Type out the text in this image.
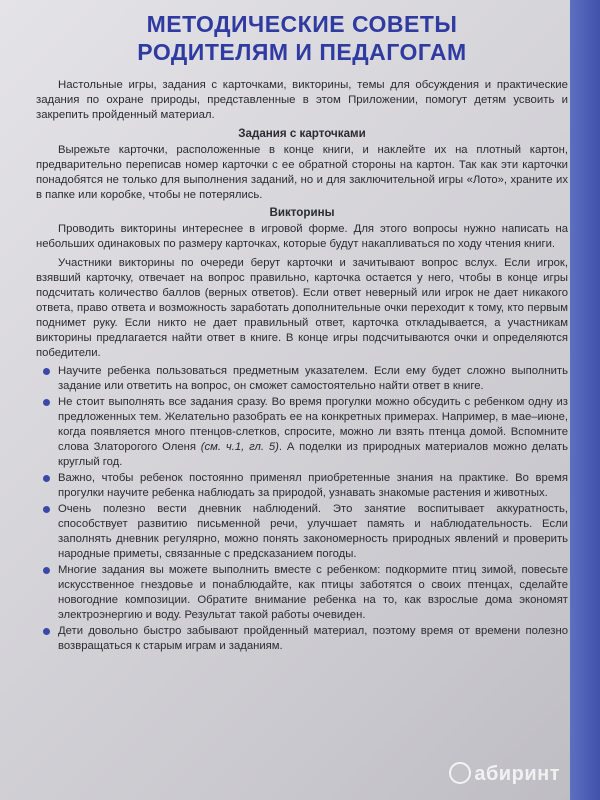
МЕТОДИЧЕСКИЕ СОВЕТЫ
РОДИТЕЛЯМ И ПЕДАГОГАМ
Настольные игры, задания с карточками, викторины, темы для обсуждения и практические задания по охране природы, представленные в этом Приложении, помогут детям усвоить и закрепить пройденный материал.
Задания с карточками

Вырежьте карточки, расположенные в конце книги, и наклейте их на плотный картон, предварительно переписав номер карточки с ее обратной стороны на картон. Так как эти карточки понадобятся не только для выполнения заданий, но и для заключительной игры «Лото», храните их в папке или коробке, чтобы не потерялись.

Викторины

Проводить викторины интереснее в игровой форме. Для этого вопросы нужно написать на небольших одинаковых по размеру карточках, которые будут накапливаться по ходу чтения книги.

Участники викторины по очереди берут карточки и зачитывают вопрос вслух. Если игрок, взявший карточку, отвечает на вопрос правильно, карточка остается у него, чтобы в конце игры подсчитать количество баллов (верных ответов). Если ответ неверный или игрок не дает никакого ответа, право ответа и возможность заработать дополнительные очки переходит к тому, кто первым поднимет руку. Если никто не дает правильный ответ, карточка откладывается, а участникам викторины предлагается найти ответ в книге. В конце игры подсчитываются очки и определяются победители.

Научите ребенка пользоваться предметным указателем. Если ему будет сложно выполнить задание или ответить на вопрос, он сможет самостоятельно найти ответ в книге.
Не стоит выполнять все задания сразу. Во время прогулки можно обсудить с ребенком одну из предложенных тем. Желательно разобрать ее на конкретных примерах. Например, в мае–июне, когда появляется много птенцов-слетков, спросите, можно ли взять птенца домой. Вспомните слова Златорогого Оленя (см. ч.1, гл. 5). А поделки из природных материалов можно делать круглый год.
Важно, чтобы ребенок постоянно применял приобретенные знания на практике. Во время прогулки научите ребенка наблюдать за природой, узнавать знакомые растения и животных.
Очень полезно вести дневник наблюдений. Это занятие воспитывает аккуратность, способствует развитию письменной речи, улучшает память и наблюдательность. Если заполнять дневник регулярно, можно понять закономерность природных явлений и проверить народные приметы, связанные с предсказанием погоды.
Многие задания вы можете выполнить вместе с ребенком: подкормите птиц зимой, повесьте искусственное гнездовье и понаблюдайте, как птицы заботятся о своих птенцах, сделайте новогодние композиции. Обратите внимание ребенка на то, как взрослые дома экономят электроэнергию и воду. Результат такой работы очевиден.
Дети довольно быстро забывают пройденный материал, поэтому время от времени полезно возвращаться к старым играм и заданиям.
абиринт
